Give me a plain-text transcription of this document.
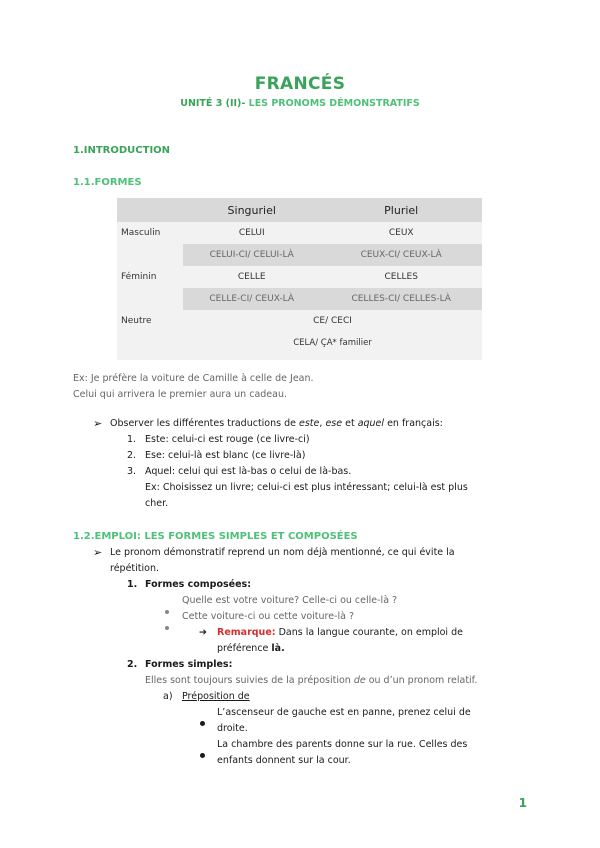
FRANCÉS
UNITÉ 3 (II)- LES PRONOMS DÉMONSTRATIFS
1.INTRODUCTION
1.1.FORMES
	Singuriel	Pluriel
Masculin	CELUI	CEUX
	CELUI-CI/ CELUI-LÀ	CEUX-CI/ CEUX-LÀ
Féminin	CELLE	CELLES
	CELLE-CI/ CEUX-LÀ	CELLES-CI/ CELLES-LÀ
Neutre	CE/ CECI	
	CELA/ ÇA* familier	

Ex: Je préfère la voiture de Camille à celle de Jean.
Celui qui arrivera le premier aura un cadeau.
➢ Observer les différentes traductions de este, ese et aquel en français:
1. Este: celui-ci est rouge (ce livre-ci)
2. Ese: celui-là est blanc (ce livre-là)
3. Aquel: celui qui est là-bas o celui de là-bas.
Ex: Choisissez un livre; celui-ci est plus intéressant; celui-là est plus
cher.
1.2.EMPLOI: LES FORMES SIMPLES ET COMPOSÉES
➢ Le pronom démonstratif reprend un nom déjà mentionné, ce qui évite la
répétition.
1. Formes composées:
Quelle est votre voiture? Celle-ci ou celle-là ?
Cette voiture-ci ou cette voiture-là ?
➔ Remarque: Dans la langue courante, on emploi de
préférence là.
2. Formes simples:
Elles sont toujours suivies de la préposition de ou d’un pronom relatif.
a) Préposition de
L’ascenseur de gauche est en panne, prenez celui de
droite.
La chambre des parents donne sur la rue. Celles des
enfants donnent sur la cour.
1
